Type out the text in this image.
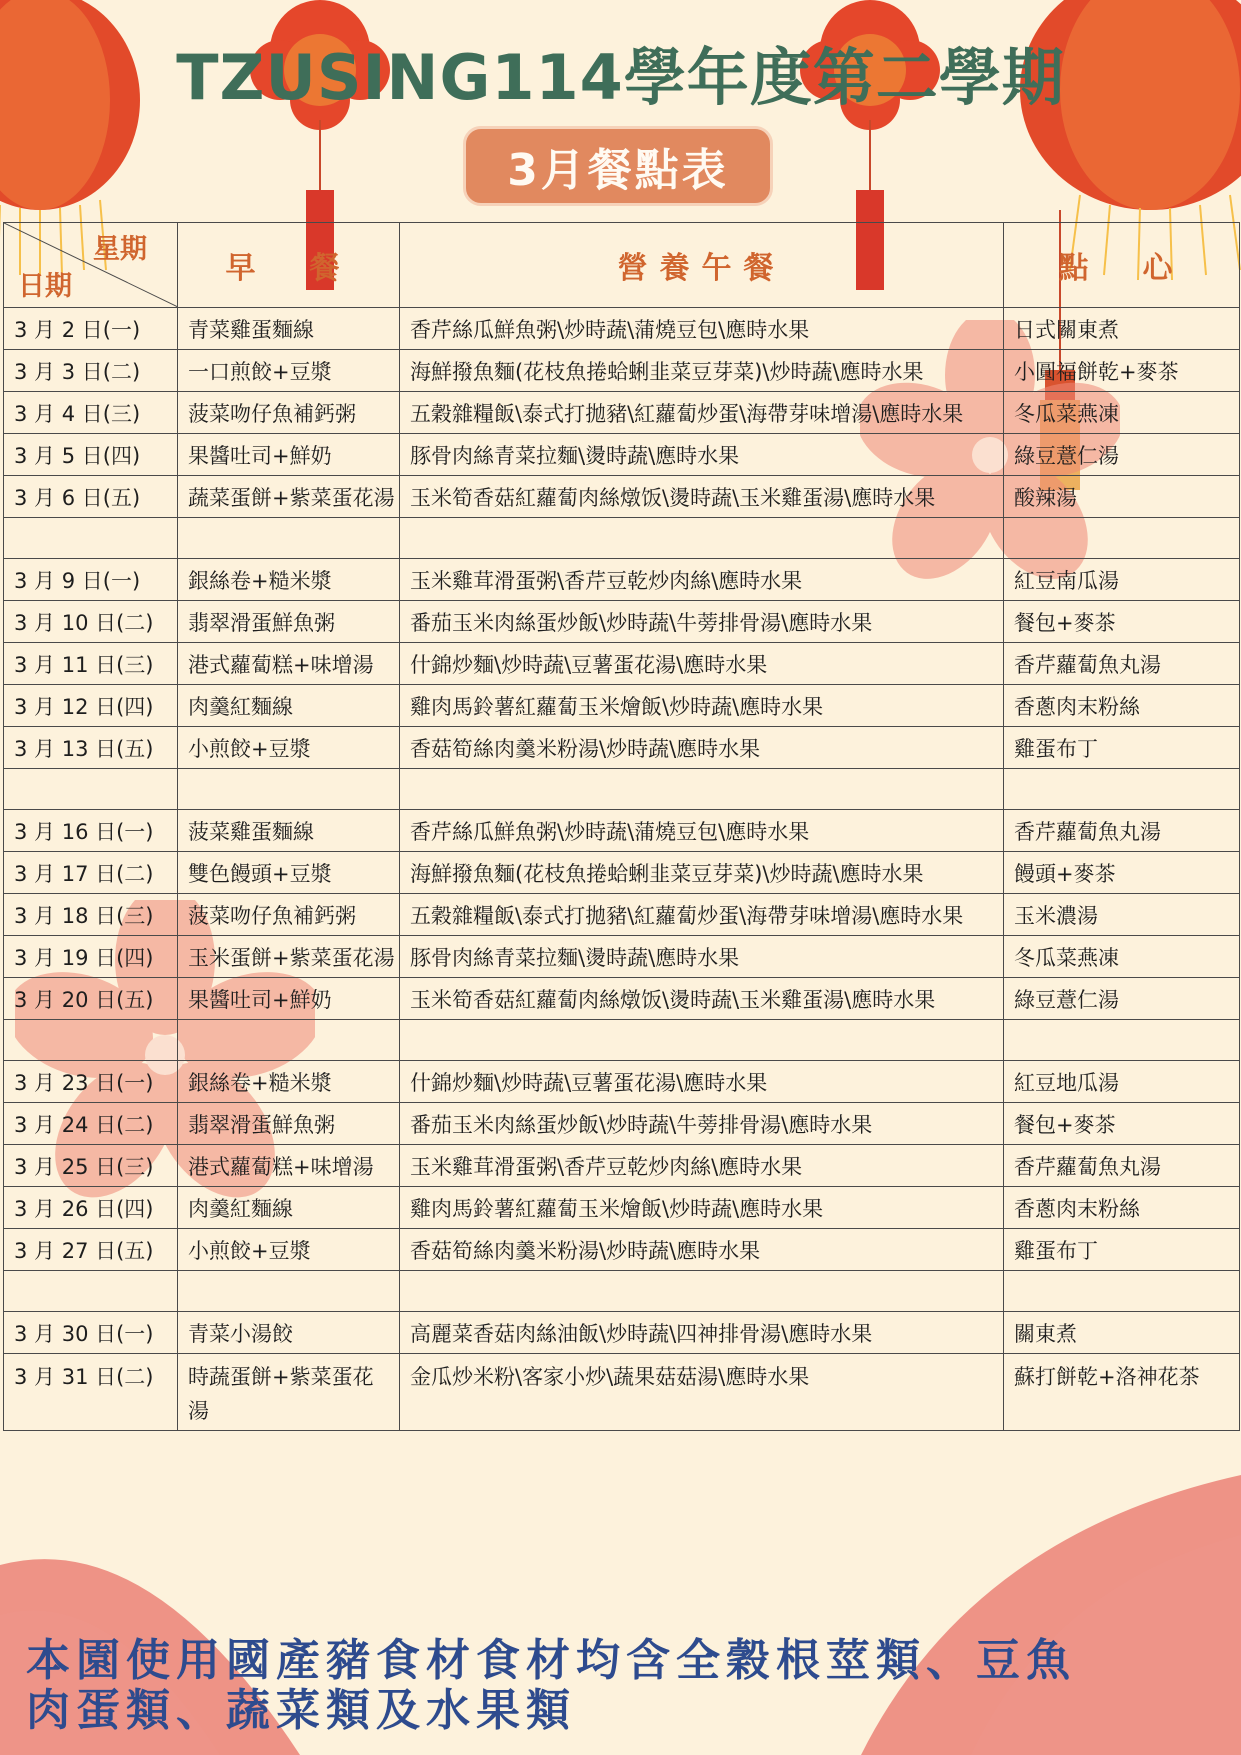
TZUSING114學年度第二學期
3月餐點表
星期
日期	早　餐	營養午餐	點　心
3 月 2 日(一)	青菜雞蛋麵線	香芹絲瓜鮮魚粥\炒時蔬\蒲燒豆包\應時水果	日式關東煮
3 月 3 日(二)	一口煎餃+豆漿	海鮮撥魚麵(花枝魚捲蛤蜊韭菜豆芽菜)\炒時蔬\應時水果	小圓福餅乾+麥茶
3 月 4 日(三)	菠菜吻仔魚補鈣粥	五穀雜糧飯\泰式打拋豬\紅蘿蔔炒蛋\海帶芽味增湯\應時水果	冬瓜菜燕凍
3 月 5 日(四)	果醬吐司+鮮奶	豚骨肉絲青菜拉麵\燙時蔬\應時水果	綠豆薏仁湯
3 月 6 日(五)	蔬菜蛋餅+紫菜蛋花湯	玉米筍香菇紅蘿蔔肉絲燉饭\燙時蔬\玉米雞蛋湯\應時水果	酸辣湯

3 月 9 日(一)	銀絲卷+糙米漿	玉米雞茸滑蛋粥\香芹豆乾炒肉絲\應時水果	紅豆南瓜湯
3 月 10 日(二)	翡翠滑蛋鮮魚粥	番茄玉米肉絲蛋炒飯\炒時蔬\牛蒡排骨湯\應時水果	餐包+麥茶
3 月 11 日(三)	港式蘿蔔糕+味增湯	什錦炒麵\炒時蔬\豆薯蛋花湯\應時水果	香芹蘿蔔魚丸湯
3 月 12 日(四)	肉羹紅麵線	雞肉馬鈴薯紅蘿蔔玉米燴飯\炒時蔬\應時水果	香蔥肉末粉絲
3 月 13 日(五)	小煎餃+豆漿	香菇筍絲肉羹米粉湯\炒時蔬\應時水果	雞蛋布丁

3 月 16 日(一)	菠菜雞蛋麵線	香芹絲瓜鮮魚粥\炒時蔬\蒲燒豆包\應時水果	香芹蘿蔔魚丸湯
3 月 17 日(二)	雙色饅頭+豆漿	海鮮撥魚麵(花枝魚捲蛤蜊韭菜豆芽菜)\炒時蔬\應時水果	饅頭+麥茶
3 月 18 日(三)	菠菜吻仔魚補鈣粥	五穀雜糧飯\泰式打拋豬\紅蘿蔔炒蛋\海帶芽味增湯\應時水果	玉米濃湯
3 月 19 日(四)	玉米蛋餅+紫菜蛋花湯	豚骨肉絲青菜拉麵\燙時蔬\應時水果	冬瓜菜燕凍
3 月 20 日(五)	果醬吐司+鮮奶	玉米筍香菇紅蘿蔔肉絲燉饭\燙時蔬\玉米雞蛋湯\應時水果	綠豆薏仁湯

3 月 23 日(一)	銀絲卷+糙米漿	什錦炒麵\炒時蔬\豆薯蛋花湯\應時水果	紅豆地瓜湯
3 月 24 日(二)	翡翠滑蛋鮮魚粥	番茄玉米肉絲蛋炒飯\炒時蔬\牛蒡排骨湯\應時水果	餐包+麥茶
3 月 25 日(三)	港式蘿蔔糕+味增湯	玉米雞茸滑蛋粥\香芹豆乾炒肉絲\應時水果	香芹蘿蔔魚丸湯
3 月 26 日(四)	肉羹紅麵線	雞肉馬鈴薯紅蘿蔔玉米燴飯\炒時蔬\應時水果	香蔥肉末粉絲
3 月 27 日(五)	小煎餃+豆漿	香菇筍絲肉羹米粉湯\炒時蔬\應時水果	雞蛋布丁

3 月 30 日(一)	青菜小湯餃	高麗菜香菇肉絲油飯\炒時蔬\四神排骨湯\應時水果	關東煮
3 月 31 日(二)	時蔬蛋餅+紫菜蛋花湯	金瓜炒米粉\客家小炒\蔬果菇菇湯\應時水果	蘇打餅乾+洛神花茶
本園使用國產豬食材食材均含全穀根莖類、豆魚
肉蛋類、蔬菜類及水果類
